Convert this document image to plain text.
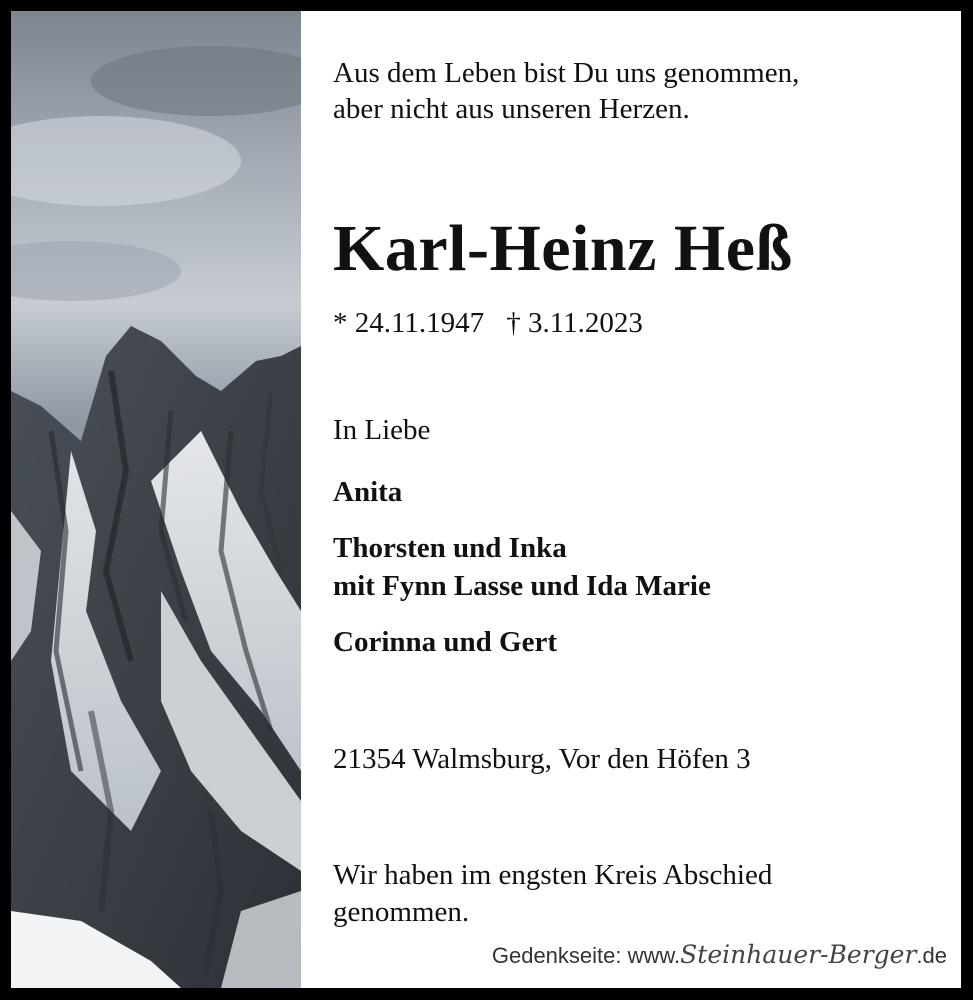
Aus dem Leben bist Du uns genommen,
aber nicht aus unseren Herzen.
Karl-Heinz Heß
* 24.11.1947 † 3.11.2023
In Liebe
Anita
Thorsten und Inka
mit Fynn Lasse und Ida Marie
Corinna und Gert
21354 Walmsburg, Vor den Höfen 3
Wir haben im engsten Kreis Abschied
genommen.
Gedenkseite: www.Steinhauer-Berger.de
